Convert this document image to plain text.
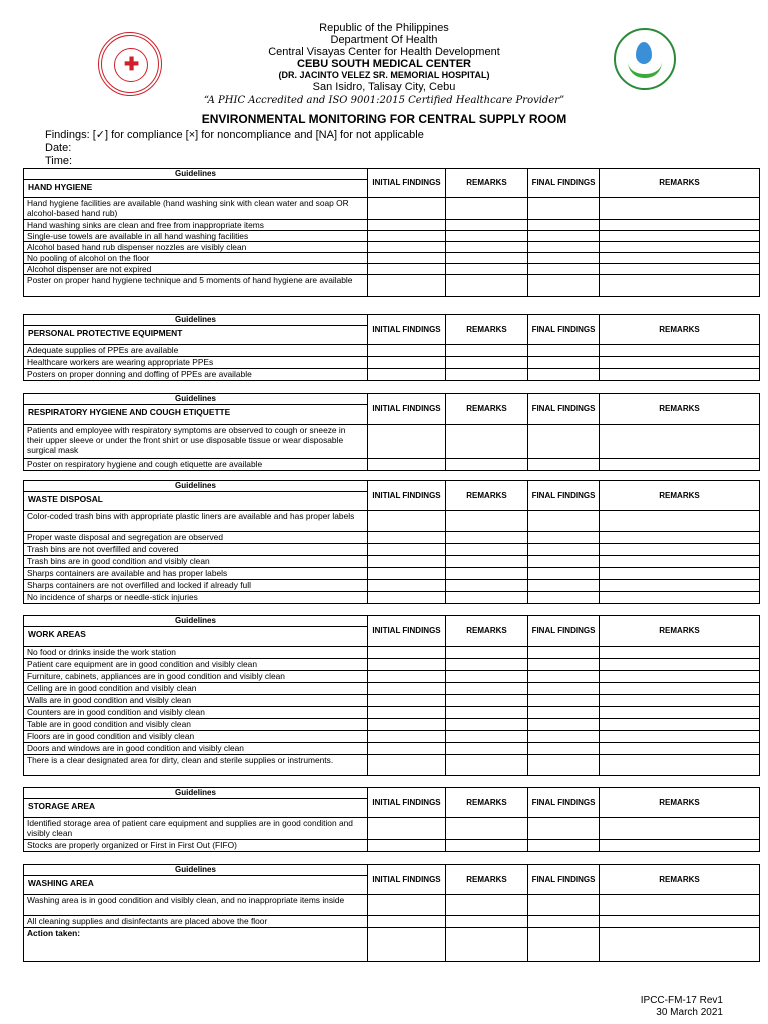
✚
Republic of the Philippines
Department Of Health
Central Visayas Center for Health Development
CEBU SOUTH MEDICAL CENTER
(DR. JACINTO VELEZ SR. MEMORIAL HOSPITAL)
San Isidro, Talisay City, Cebu
“A PHIC Accredited and ISO 9001:2015 Certified Healthcare Provider”
ENVIRONMENTAL MONITORING FOR CENTRAL SUPPLY ROOM
Findings: [✓] for compliance [×] for noncompliance and [NA] for not applicable
Date:
Time:
Guidelines
HAND HYGIENE	INITIAL FINDINGS	REMARKS	FINAL FINDINGS	REMARKS
Hand hygiene facilities are available (hand washing sink with clean water and soap OR alcohol-based hand rub)				
Hand washing sinks are clean and free from inappropriate items				
Single-use towels are available in all hand washing facilities				
Alcohol based hand rub dispenser nozzles are visibly clean				
No pooling of alcohol on the floor				
Alcohol dispenser are not expired				
Poster on proper hand hygiene technique and 5 moments of hand hygiene are available				
Guidelines
PERSONAL PROTECTIVE EQUIPMENT	INITIAL FINDINGS	REMARKS	FINAL FINDINGS	REMARKS
Adequate supplies of PPEs are available				
Healthcare workers are wearing appropriate PPEs				
Posters on proper donning and doffing of PPEs are available				
Guidelines
RESPIRATORY HYGIENE AND COUGH ETIQUETTE	INITIAL FINDINGS	REMARKS	FINAL FINDINGS	REMARKS
Patients and employee with respiratory symptoms are observed to cough or sneeze in their upper sleeve or under the front shirt or use disposable tissue or wear disposable surgical mask				
Poster on respiratory hygiene and cough etiquette are available				
Guidelines
WASTE DISPOSAL	INITIAL FINDINGS	REMARKS	FINAL FINDINGS	REMARKS
Color-coded trash bins with appropriate plastic liners are available and has proper labels				
Proper waste disposal and segregation are observed				
Trash bins are not overfilled and covered				
Trash bins are in good condition and visibly clean				
Sharps containers are available and has proper labels				
Sharps containers are not overfilled and locked if already full				
No incidence of sharps or needle-stick injuries				
Guidelines
WORK AREAS	INITIAL FINDINGS	REMARKS	FINAL FINDINGS	REMARKS
No food or drinks inside the work station				
Patient care equipment are in good condition and visibly clean				
Furniture, cabinets, appliances are in good condition and visibly clean				
Celling are in good condition and visibly clean				
Walls are in good condition and visibly clean				
Counters are in good condition and visibly clean				
Table are in good condition and visibly clean				
Floors are in good condition and visibly clean				
Doors and windows are in good condition and visibly clean				
There is a clear designated area for dirty, clean and sterile supplies or instruments.				
Guidelines
STORAGE AREA	INITIAL FINDINGS	REMARKS	FINAL FINDINGS	REMARKS
Identified storage area of patient care equipment and supplies are in good condition and visibly clean				
Stocks are properly organized or First in First Out (FIFO)				
Guidelines
WASHING AREA	INITIAL FINDINGS	REMARKS	FINAL FINDINGS	REMARKS
Washing area is in good condition and visibly clean, and no inappropriate items inside				
All cleaning supplies and disinfectants are placed above the floor				
Action taken:				
IPCC-FM-17 Rev1
30 March 2021
